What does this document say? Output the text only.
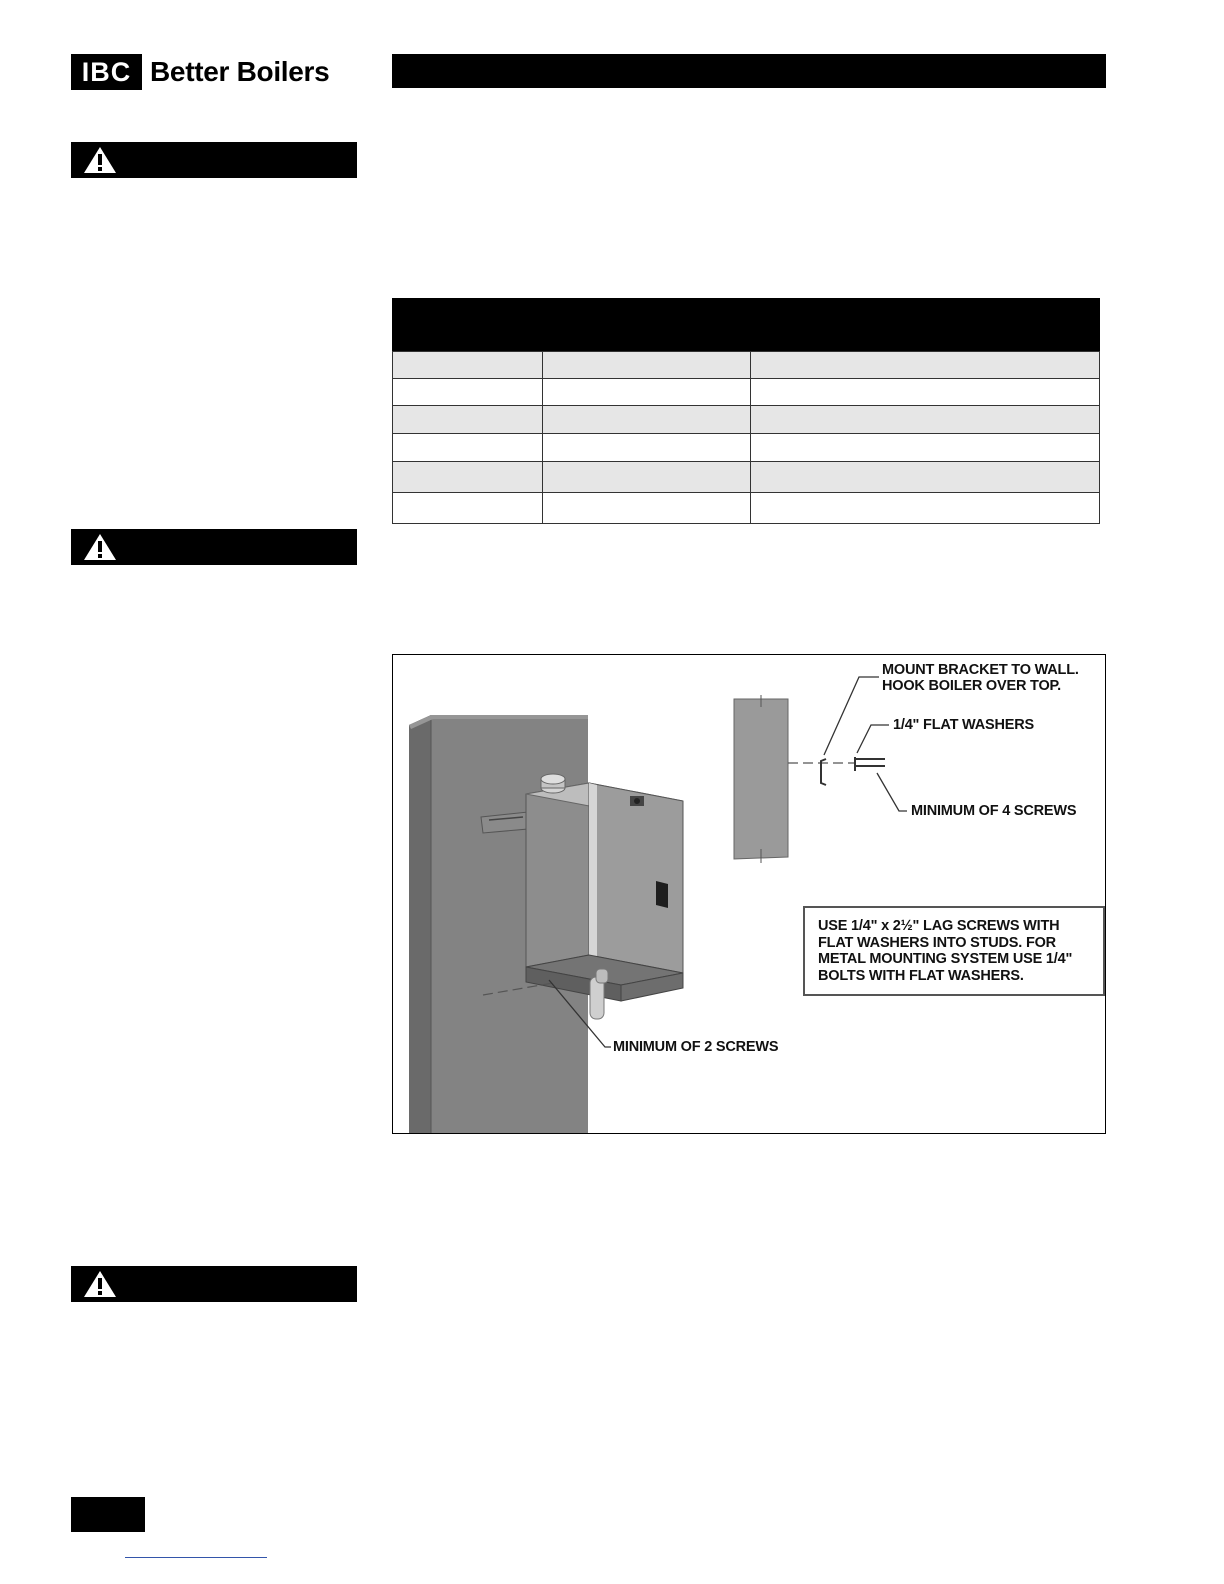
IBC Better Boilers

MOUNT BRACKET TO WALL.
HOOK BOILER OVER TOP.
1/4" FLAT WASHERS
MINIMUM OF 4 SCREWS
MINIMUM OF 2 SCREWS
USE 1/4" x 2½" LAG SCREWS WITH
FLAT WASHERS INTO STUDS. FOR
METAL MOUNTING SYSTEM USE 1/4"
BOLTS WITH FLAT WASHERS.
